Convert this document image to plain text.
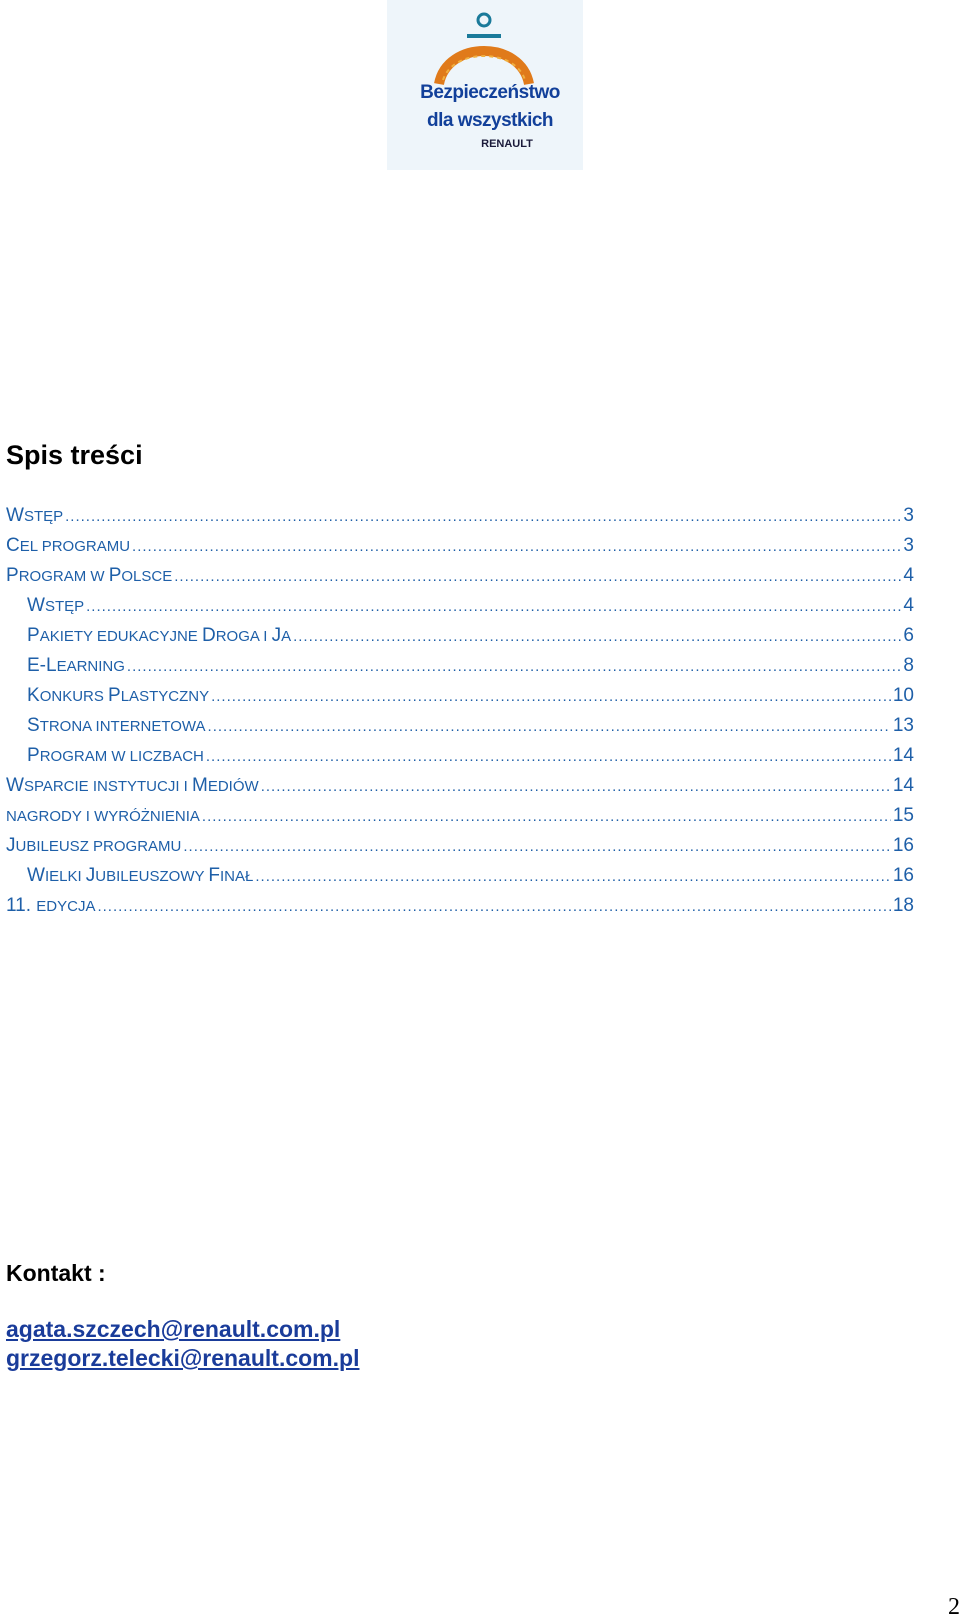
Bezpieczeństwo
dla wszystkich
RENAULT
Spis treści
WSTĘP .....	3
CEL PROGRAMU .....	3
PROGRAM W POLSCE .....	4
WSTĘP .....	4
PAKIETY EDUKACYJNE DROGA I JA .....	6
E-LEARNING .....	8
KONKURS PLASTYCZNY .....	10
STRONA INTERNETOWA .....	13
PROGRAM W LICZBACH .....	14
WSPARCIE INSTYTUCJI I MEDIÓW .....	14
NAGRODY I WYRÓŻNIENIA .....	15
JUBILEUSZ PROGRAMU .....	16
WIELKI JUBILEUSZOWY FINAŁ .....	16
11. EDYCJA .....	18
Kontakt :
agata.szczech@renault.com.pl
grzegorz.telecki@renault.com.pl
2
